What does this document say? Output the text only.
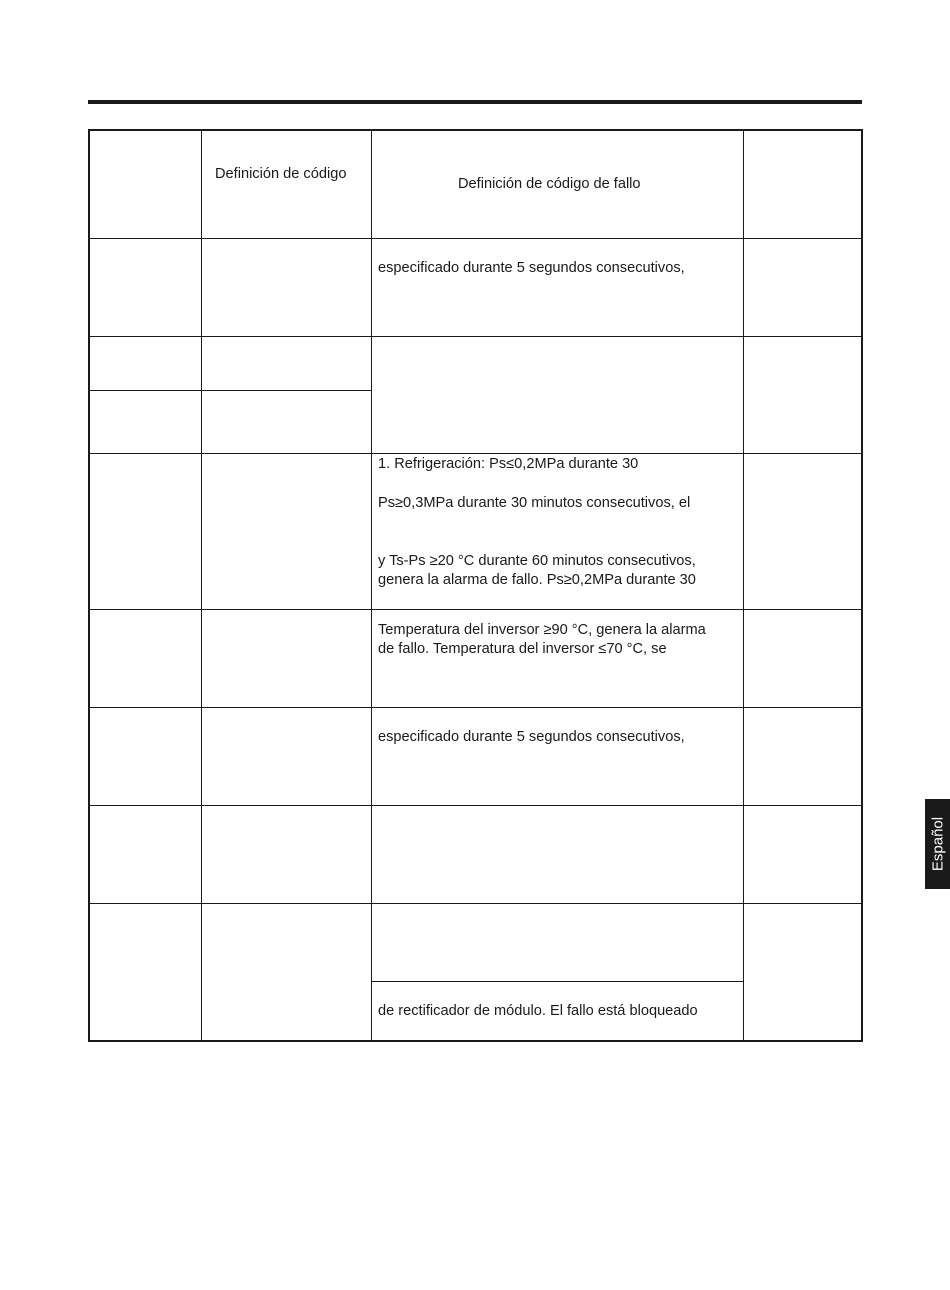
Definición de código
Definición de código de fallo
especificado durante 5 segundos consecutivos,
1. Refrigeración: Ps≤0,2MPa durante 30
Ps≥0,3MPa durante 30 minutos consecutivos, el
y Ts-Ps ≥20 °C durante 60 minutos consecutivos,
genera la alarma de fallo. Ps≥0,2MPa durante 30
Temperatura del inversor ≥90 °C, genera la alarma
de fallo. Temperatura del inversor ≤70 °C, se
especificado durante 5 segundos consecutivos,
de rectificador de módulo. El fallo está bloqueado
Español
